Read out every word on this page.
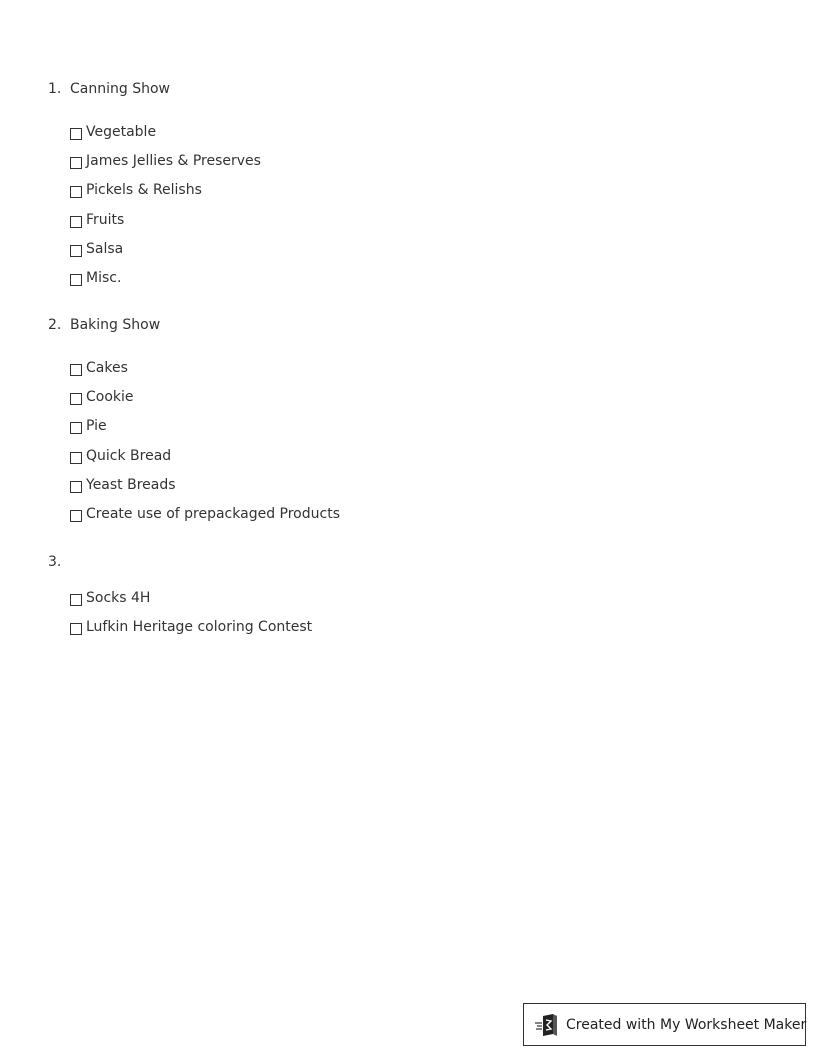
1. Canning Show
Vegetable
James Jellies & Preserves
Pickels & Relishs
Fruits
Salsa
Misc.
2. Baking Show
Cakes
Cookie
Pie
Quick Bread
Yeast Breads
Create use of prepackaged Products
3.
Socks 4H
Lufkin Heritage coloring Contest
Created with My Worksheet Maker
